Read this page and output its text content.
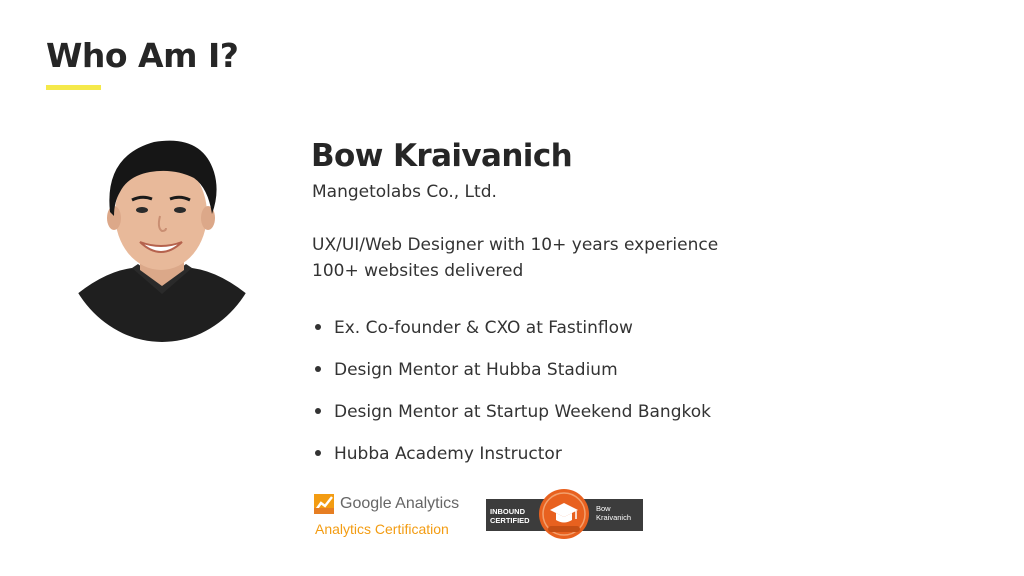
Who Am I?
Bow Kraivanich
Mangetolabs Co., Ltd.
UX/UI/Web Designer with 10+ years experience
100+ websites delivered
Ex. Co-founder & CXO at Fastinflow
Design Mentor at Hubba Stadium
Design Mentor at Startup Weekend Bangkok
Hubba Academy Instructor
Google Analytics
Analytics Certification
INBOUND
CERTIFIED
Bow
Kraivanich
